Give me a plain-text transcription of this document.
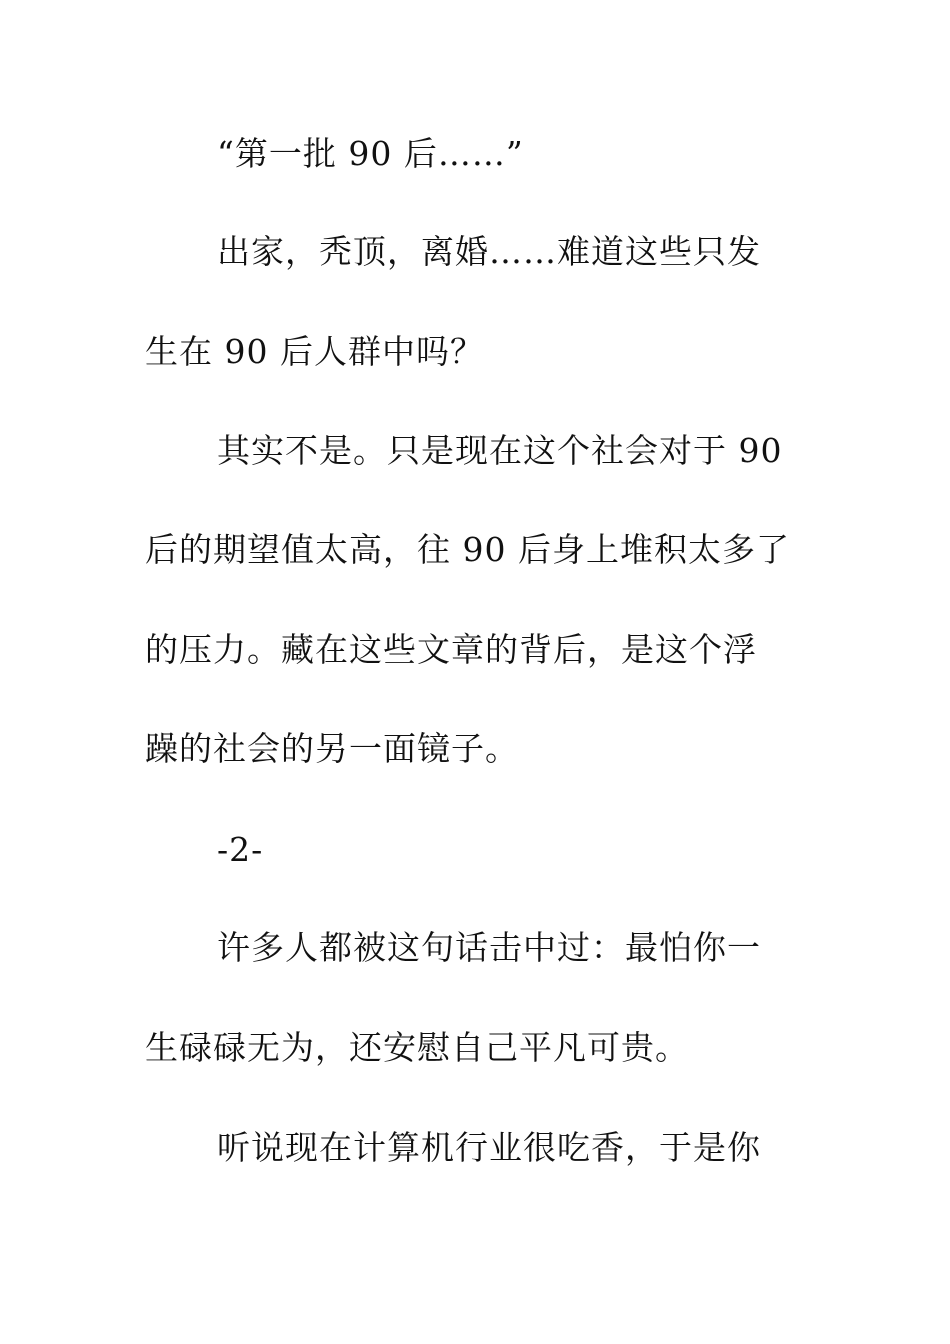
“第一批 90 后……”
出家，秃顶，离婚……难道这些只发
生在 90 后人群中吗？
其实不是。只是现在这个社会对于 90
后的期望值太高，往 90 后身上堆积太多了
的压力。藏在这些文章的背后，是这个浮
躁的社会的另一面镜子。
-2-
许多人都被这句话击中过：最怕你一
生碌碌无为，还安慰自己平凡可贵。
听说现在计算机行业很吃香，于是你
